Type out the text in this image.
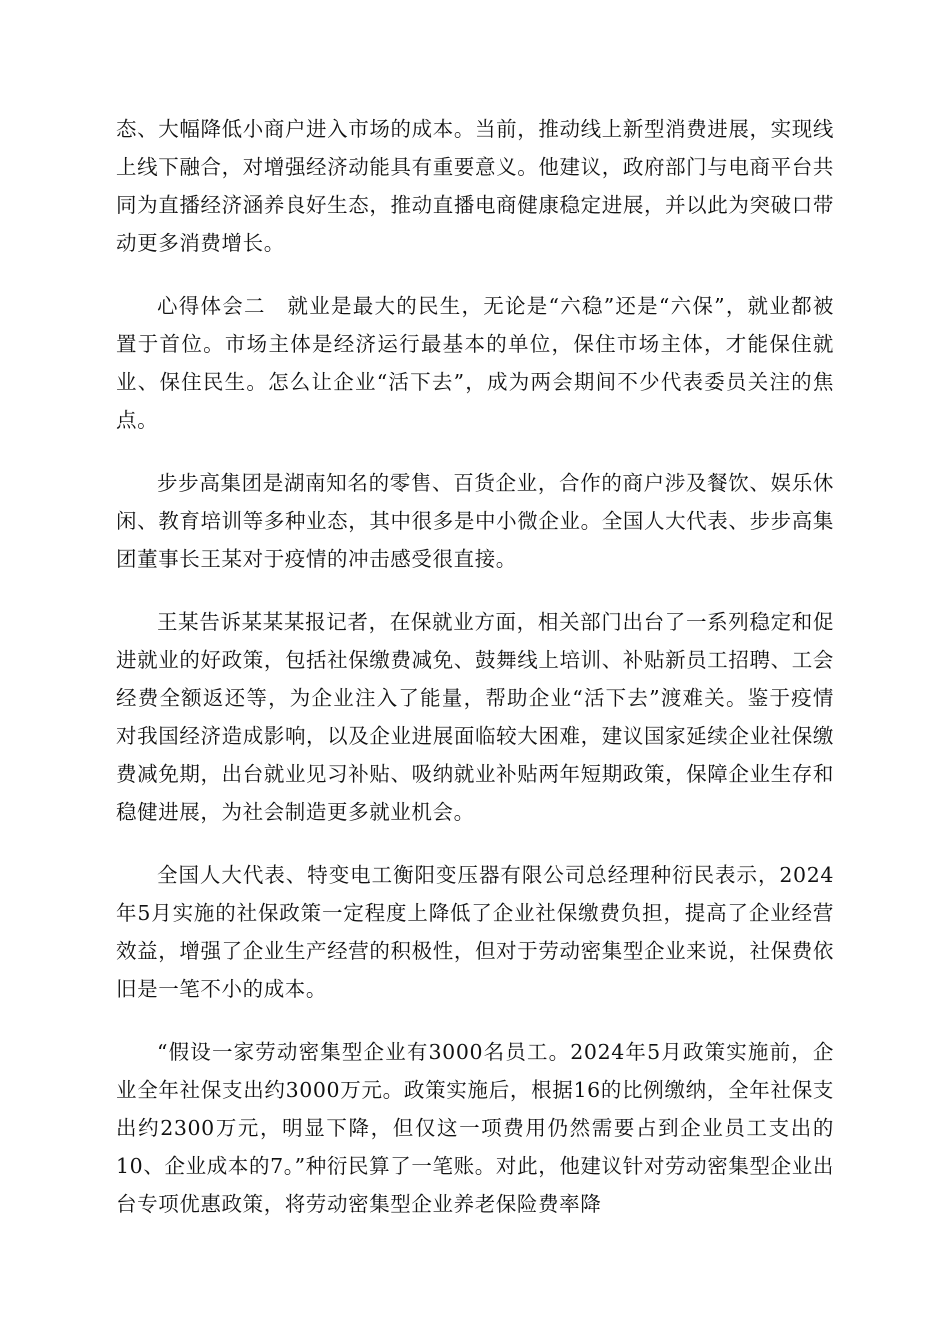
态、大幅降低小商户进入市场的成本。当前，推动线上新型消费进展，实现线上线下融合，对增强经济动能具有重要意义。他建议，政府部门与电商平台共同为直播经济涵养良好生态，推动直播电商健康稳定进展，并以此为突破口带动更多消费增长。

心得体会二　就业是最大的民生，无论是“六稳”还是“六保”，就业都被置于首位。市场主体是经济运行最基本的单位，保住市场主体，才能保住就业、保住民生。怎么让企业“活下去”，成为两会期间不少代表委员关注的焦点。

步步高集团是湖南知名的零售、百货企业，合作的商户涉及餐饮、娱乐休闲、教育培训等多种业态，其中很多是中小微企业。全国人大代表、步步高集团董事长王某对于疫情的冲击感受很直接。

王某告诉某某某报记者，在保就业方面，相关部门出台了一系列稳定和促进就业的好政策，包括社保缴费减免、鼓舞线上培训、补贴新员工招聘、工会经费全额返还等，为企业注入了能量，帮助企业“活下去”渡难关。鉴于疫情对我国经济造成影响，以及企业进展面临较大困难，建议国家延续企业社保缴费减免期，出台就业见习补贴、吸纳就业补贴两年短期政策，保障企业生存和稳健进展，为社会制造更多就业机会。

全国人大代表、特变电工衡阳变压器有限公司总经理种衍民表示，2024年5月实施的社保政策一定程度上降低了企业社保缴费负担，提高了企业经营效益，增强了企业生产经营的积极性，但对于劳动密集型企业来说，社保费依旧是一笔不小的成本。

“假设一家劳动密集型企业有3000名员工。2024年5月政策实施前，企业全年社保支出约3000万元。政策实施后，根据16的比例缴纳，全年社保支出约2300万元，明显下降，但仅这一项费用仍然需要占到企业员工支出的10、企业成本的7。”种衍民算了一笔账。对此，他建议针对劳动密集型企业出台专项优惠政策，将劳动密集型企业养老保险费率降
